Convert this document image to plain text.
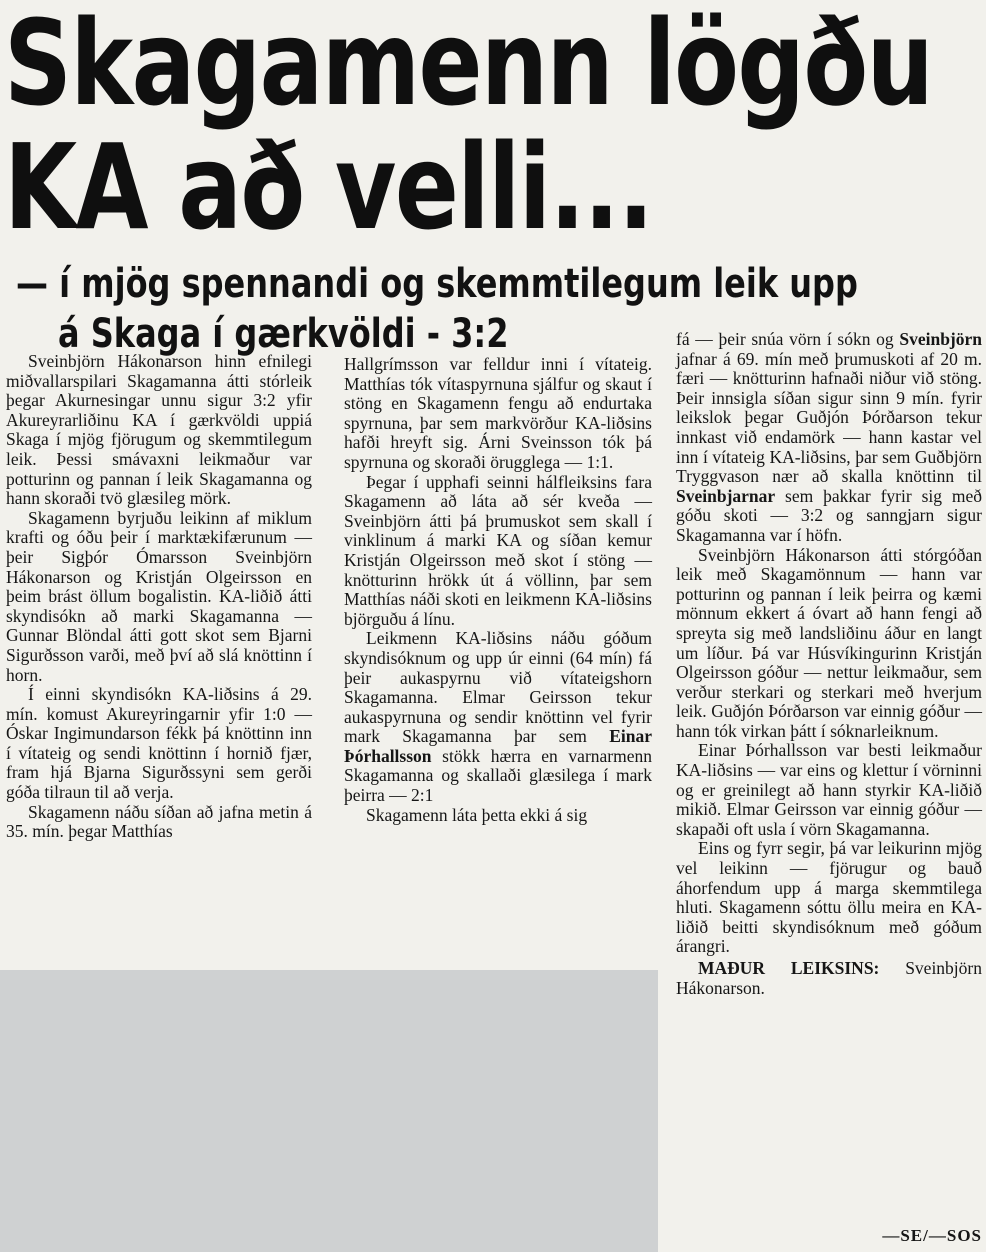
Skagamenn lögðu
KA að velli...
— í mjög spennandi og skemmtilegum leik upp
á Skaga í gærkvöldi - 3:2

Sveinbjörn Hákonarson hinn efnilegi miðvallarspilari Skagamanna átti stórleik þegar Akurnesingar unnu sigur 3:2 yfir Akureyrarliðinu KA í gærkvöldi uppiá Skaga í mjög fjörugum og skemmtilegum leik. Þessi smávaxni leikmaður var potturinn og pannan í leik Skagamanna og hann skoraði tvö glæsileg mörk.

Skagamenn byrjuðu leikinn af miklum krafti og óðu þeir í marktækifærunum — þeir Sigþór Ómarsson Sveinbjörn Hákonarson og Kristján Olgeirsson en þeim brást öllum bogalistin. KA-liðið átti skyndisókn að marki Skagamanna — Gunnar Blöndal átti gott skot sem Bjarni Sigurðsson varði, með því að slá knöttinn í horn.

Í einni skyndisókn KA-liðsins á 29. mín. komust Akureyringarnir yfir 1:0 — Óskar Ingimundarson fékk þá knöttinn inn í vítateig og sendi knöttinn í hornið fjær, fram hjá Bjarna Sigurðssyni sem gerði góða tilraun til að verja.

Skagamenn náðu síðan að jafna metin á 35. mín. þegar Matthías

Hallgrímsson var felldur inni í vítateig. Matthías tók vítaspyrnuna sjálfur og skaut í stöng en Skagamenn fengu að endurtaka spyrnuna, þar sem markvörður KA-liðsins hafði hreyft sig. Árni Sveinsson tók þá spyrnuna og skoraði örugglega — 1:1.

Þegar í upphafi seinni hálfleiksins fara Skagamenn að láta að sér kveða — Sveinbjörn átti þá þrumuskot sem skall í vinklinum á marki KA og síðan kemur Kristján Olgeirsson með skot í stöng — knötturinn hrökk út á völlinn, þar sem Matthías náði skoti en leikmenn KA-liðsins björguðu á línu.

Leikmenn KA-liðsins náðu góðum skyndisóknum og upp úr einni (64 mín) fá þeir aukaspyrnu við vítateigshorn Skagamanna. Elmar Geirsson tekur aukaspyrnuna og sendir knöttinn vel fyrir mark Skagamanna þar sem Einar Þórhallsson stökk hærra en varnarmenn Skagamanna og skallaði glæsilega í mark þeirra — 2:1

Skagamenn láta þetta ekki á sig

fá — þeir snúa vörn í sókn og Sveinbjörn jafnar á 69. mín með þrumuskoti af 20 m. færi — knötturinn hafnaði niður við stöng. Þeir innsigla síðan sigur sinn 9 mín. fyrir leikslok þegar Guðjón Þórðarson tekur innkast við endamörk — hann kastar vel inn í vítateig KA-liðsins, þar sem Guðbjörn Tryggvason nær að skalla knöttinn til Sveinbjarnar sem þakkar fyrir sig með góðu skoti — 3:2 og sanngjarn sigur Skagamanna var í höfn.

Sveinbjörn Hákonarson átti stórgóðan leik með Skagamönnum — hann var potturinn og pannan í leik þeirra og kæmi mönnum ekkert á óvart að hann fengi að spreyta sig með landsliðinu áður en langt um líður. Þá var Húsvíkingurinn Kristján Olgeirsson góður — nettur leikmaður, sem verður sterkari og sterkari með hverjum leik. Guðjón Þórðarson var einnig góður — hann tók virkan þátt í sóknarleiknum.

Einar Þórhallsson var besti leikmaður KA-liðsins — var eins og klettur í vörninni og er greinilegt að hann styrkir KA-liðið mikið. Elmar Geirsson var einnig góður — skapaði oft usla í vörn Skagamanna.

Eins og fyrr segir, þá var leikurinn mjög vel leikinn — fjörugur og bauð áhorfendum upp á marga skemmtilega hluti. Skagamenn sóttu öllu meira en KA-liðið beitti skyndisóknum með góðum árangri.

MAÐUR LEIKSINS: Sveinbjörn Hákonarson.

—SE/—SOS
